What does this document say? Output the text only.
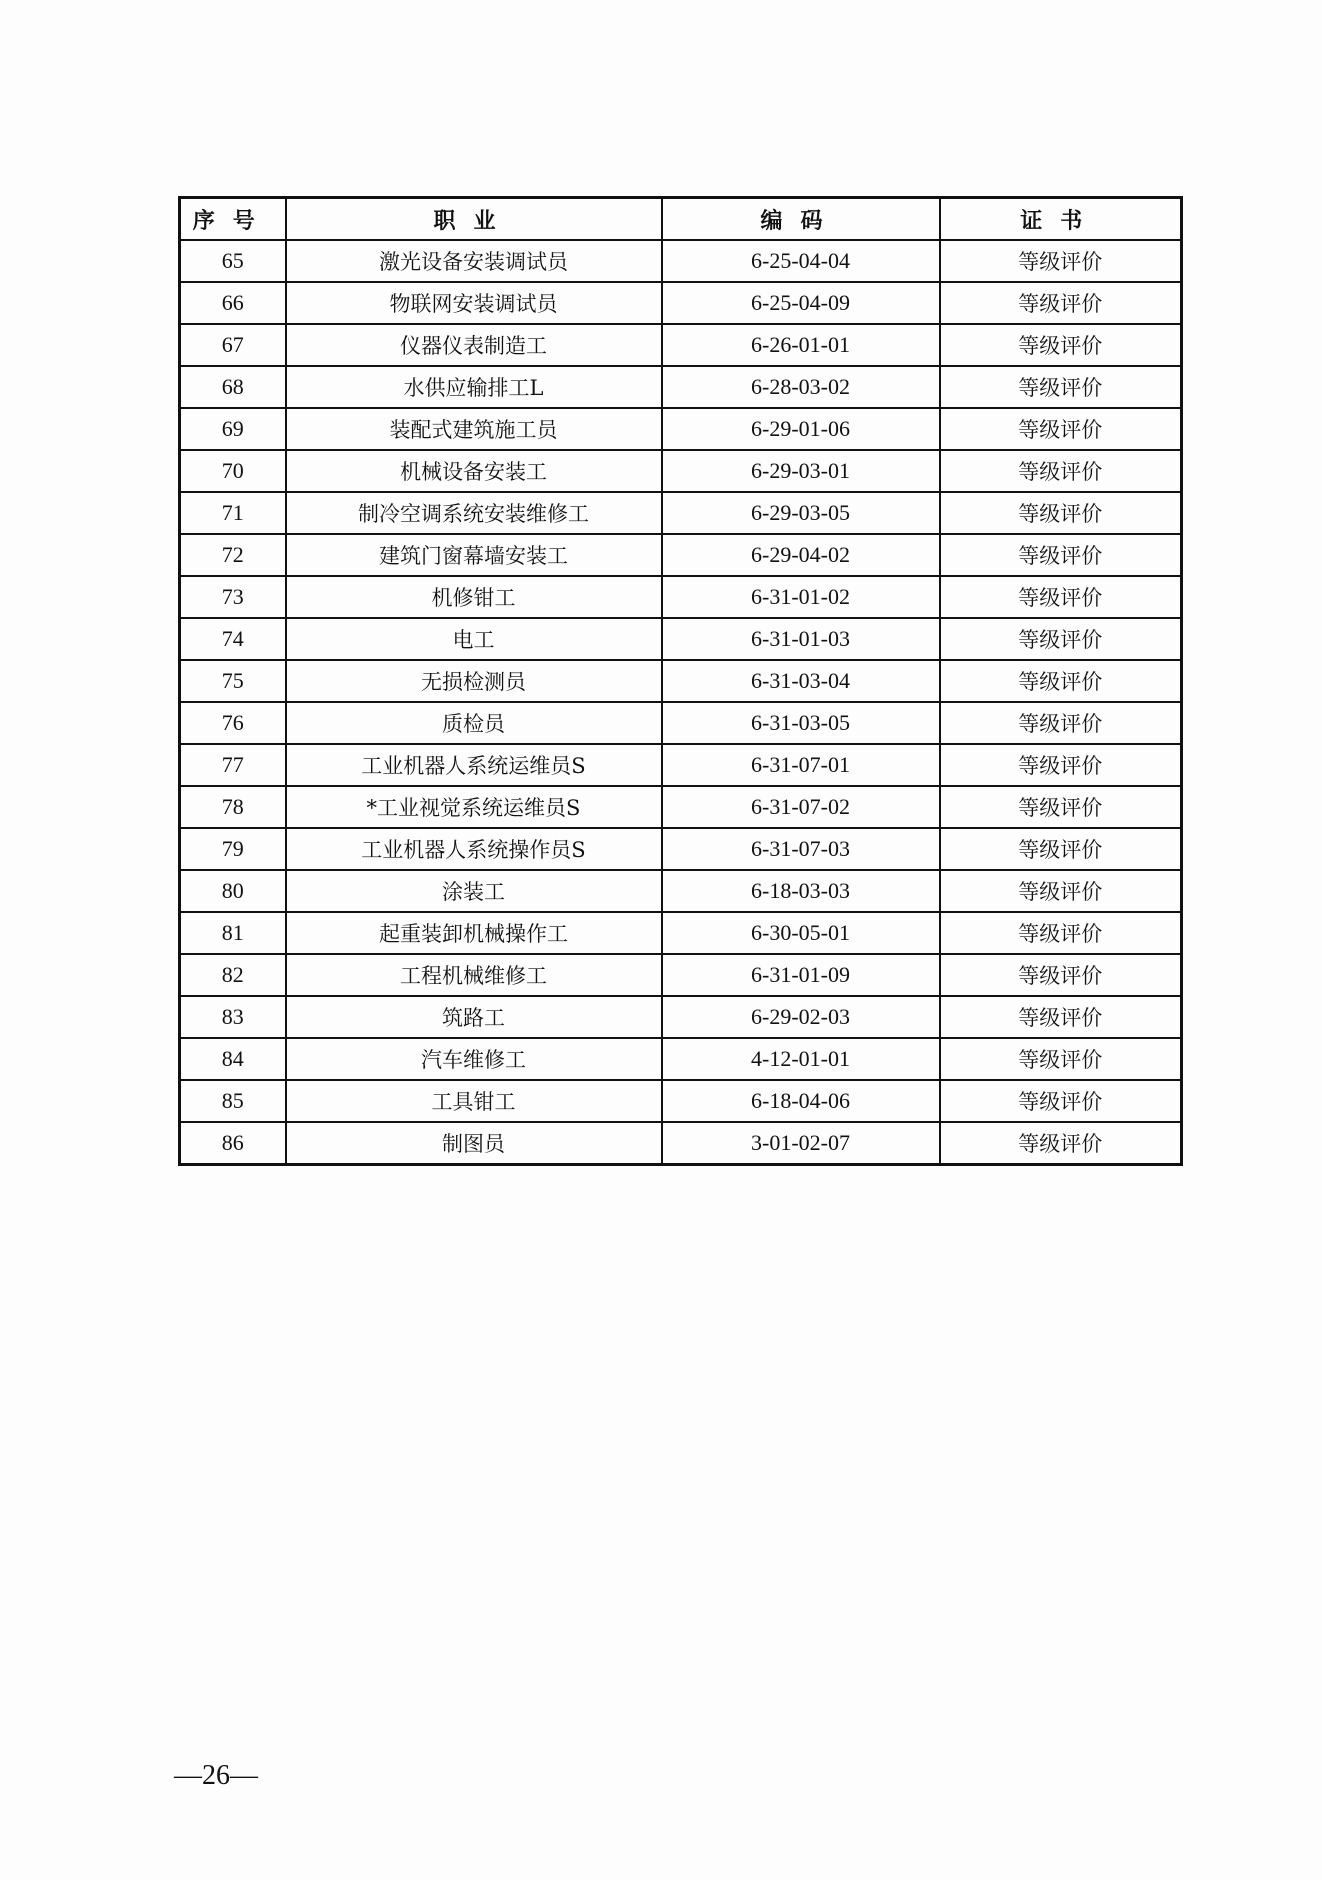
序号	职业	编码	证书
65	激光设备安装调试员	6-25-04-04	等级评价
66	物联网安装调试员	6-25-04-09	等级评价
67	仪器仪表制造工	6-26-01-01	等级评价
68	水供应输排工L	6-28-03-02	等级评价
69	装配式建筑施工员	6-29-01-06	等级评价
70	机械设备安装工	6-29-03-01	等级评价
71	制冷空调系统安装维修工	6-29-03-05	等级评价
72	建筑门窗幕墙安装工	6-29-04-02	等级评价
73	机修钳工	6-31-01-02	等级评价
74	电工	6-31-01-03	等级评价
75	无损检测员	6-31-03-04	等级评价
76	质检员	6-31-03-05	等级评价
77	工业机器人系统运维员S	6-31-07-01	等级评价
78	*工业视觉系统运维员S	6-31-07-02	等级评价
79	工业机器人系统操作员S	6-31-07-03	等级评价
80	涂装工	6-18-03-03	等级评价
81	起重装卸机械操作工	6-30-05-01	等级评价
82	工程机械维修工	6-31-01-09	等级评价
83	筑路工	6-29-02-03	等级评价
84	汽车维修工	4-12-01-01	等级评价
85	工具钳工	6-18-04-06	等级评价
86	制图员	3-01-02-07	等级评价
—26—
